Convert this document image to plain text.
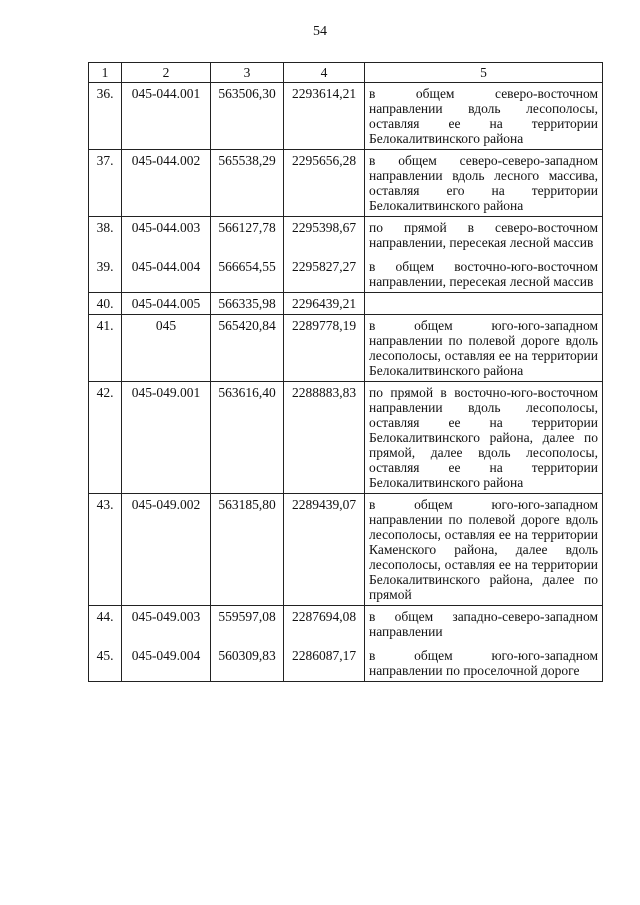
54
1	2	3	4	5
36.	045-044.001	563506,30	2293614,21	в общем северо-восточном направлении вдоль лесополосы, оставляя ее на территории Белокалитвинского района

37.	045-044.002	565538,29	2295656,28	в общем северо-северо-западном направлении вдоль лесного массива, оставляя его на территории Белокалитвинского района

38.	045-044.003	566127,78	2295398,67	по прямой в северо-восточном направлении, пересекая лесной массив

39.	045-044.004	566654,55	2295827,27	в общем восточно-юго-восточном направлении, пересекая лесной массив

40.	045-044.005	566335,98	2296439,21	

41.	045	565420,84	2289778,19	в общем юго-юго-западном направлении по полевой дороге вдоль лесополосы, оставляя ее на территории Белокалитвинского района

42.	045-049.001	563616,40	2288883,83	по прямой в восточно-юго-восточном направлении вдоль лесополосы, оставляя ее на территории Белокалитвинского района, далее по прямой, далее вдоль лесополосы, оставляя ее на территории Белокалитвинского района

43.	045-049.002	563185,80	2289439,07	в общем юго-юго-западном направлении по полевой дороге вдоль лесополосы, оставляя ее на территории Каменского района, далее вдоль лесополосы, оставляя ее на территории Белокалитвинского района, далее по прямой

44.	045-049.003	559597,08	2287694,08	в общем западно-северо-западном направлении

45.	045-049.004	560309,83	2286087,17	в общем юго-юго-западном направлении по проселочной дороге
